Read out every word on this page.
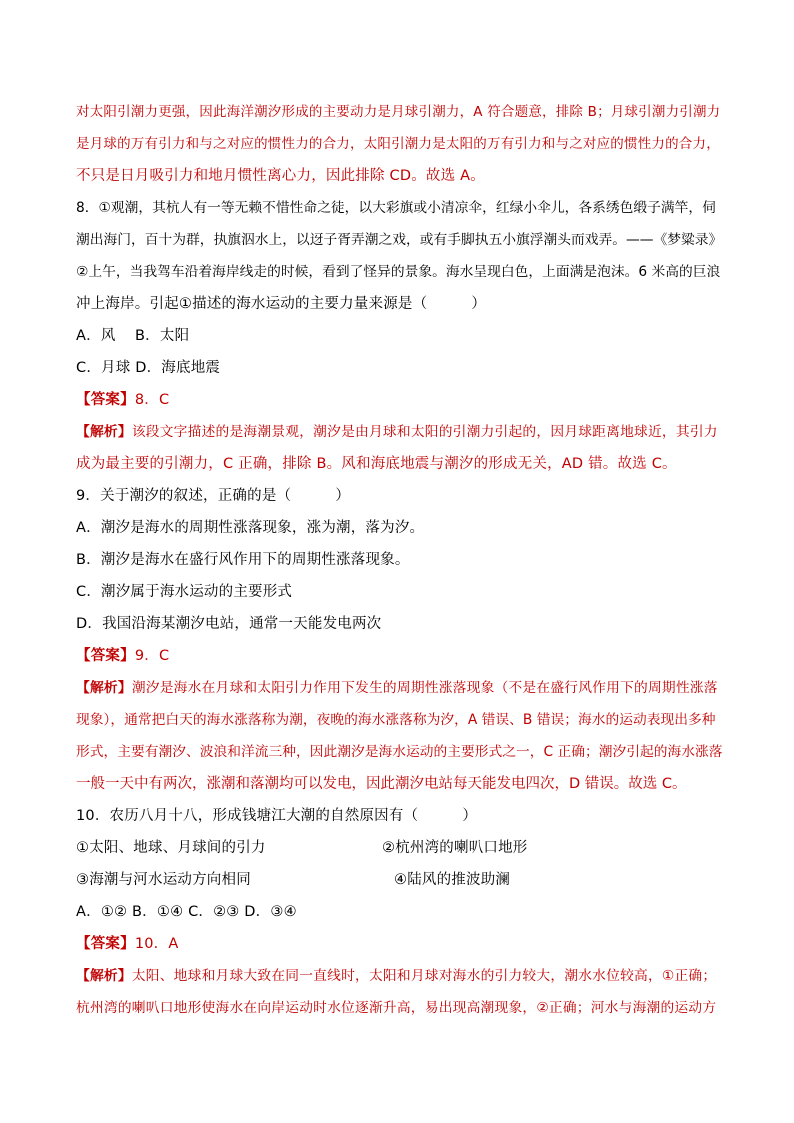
对太阳引潮力更强，因此海洋潮汐形成的主要动力是月球引潮力，A 符合题意，排除 B；月球引潮力引潮力
是月球的万有引力和与之对应的惯性力的合力，太阳引潮力是太阳的万有引力和与之对应的惯性力的合力，
不只是日月吸引力和地月惯性离心力，因此排除 CD。故选 A。
8．①观潮，其杭人有一等无赖不惜性命之徒，以大彩旗或小清凉伞，红绿小伞儿，各系绣色缎子满竿，伺
潮出海门，百十为群，执旗泅水上，以迓子胥弄潮之戏，或有手脚执五小旗浮潮头而戏弄。——《梦粱录》
②上午，当我驾车沿着海岸线走的时候，看到了怪异的景象。海水呈现白色，上面满是泡沫。6 米高的巨浪
冲上海岸。引起①描述的海水运动的主要力量来源是（　　　）
A．风　 B．太阳
C．月球 D．海底地震
【答案】8．C
【解析】该段文字描述的是海潮景观，潮汐是由月球和太阳的引潮力引起的，因月球距离地球近，其引力
成为最主要的引潮力，C 正确，排除 B。风和海底地震与潮汐的形成无关，AD 错。故选 C。
9．关于潮汐的叙述，正确的是（　　　）
A．潮汐是海水的周期性涨落现象，涨为潮，落为汐。
B．潮汐是海水在盛行风作用下的周期性涨落现象。
C．潮汐属于海水运动的主要形式
D．我国沿海某潮汐电站，通常一天能发电两次
【答案】9．C
【解析】潮汐是海水在月球和太阳引力作用下发生的周期性涨落现象（不是在盛行风作用下的周期性涨落
现象），通常把白天的海水涨落称为潮，夜晚的海水涨落称为汐，A 错误、B 错误；海水的运动表现出多种
形式，主要有潮汐、波浪和洋流三种，因此潮汐是海水运动的主要形式之一，C 正确；潮汐引起的海水涨落
一般一天中有两次，涨潮和落潮均可以发电，因此潮汐电站每天能发电四次，D 错误。故选 C。
10．农历八月十八，形成钱塘江大潮的自然原因有（　　　）
①太阳、地球、月球间的引力	②杭州湾的喇叭口地形
③海潮与河水运动方向相同	④陆风的推波助澜
A．①② B．①④ C．②③ D．③④
【答案】10．A
【解析】太阳、地球和月球大致在同一直线时，太阳和月球对海水的引力较大，潮水水位较高，①正确；
杭州湾的喇叭口地形使海水在向岸运动时水位逐渐升高，易出现高潮现象，②正确；河水与海潮的运动方
